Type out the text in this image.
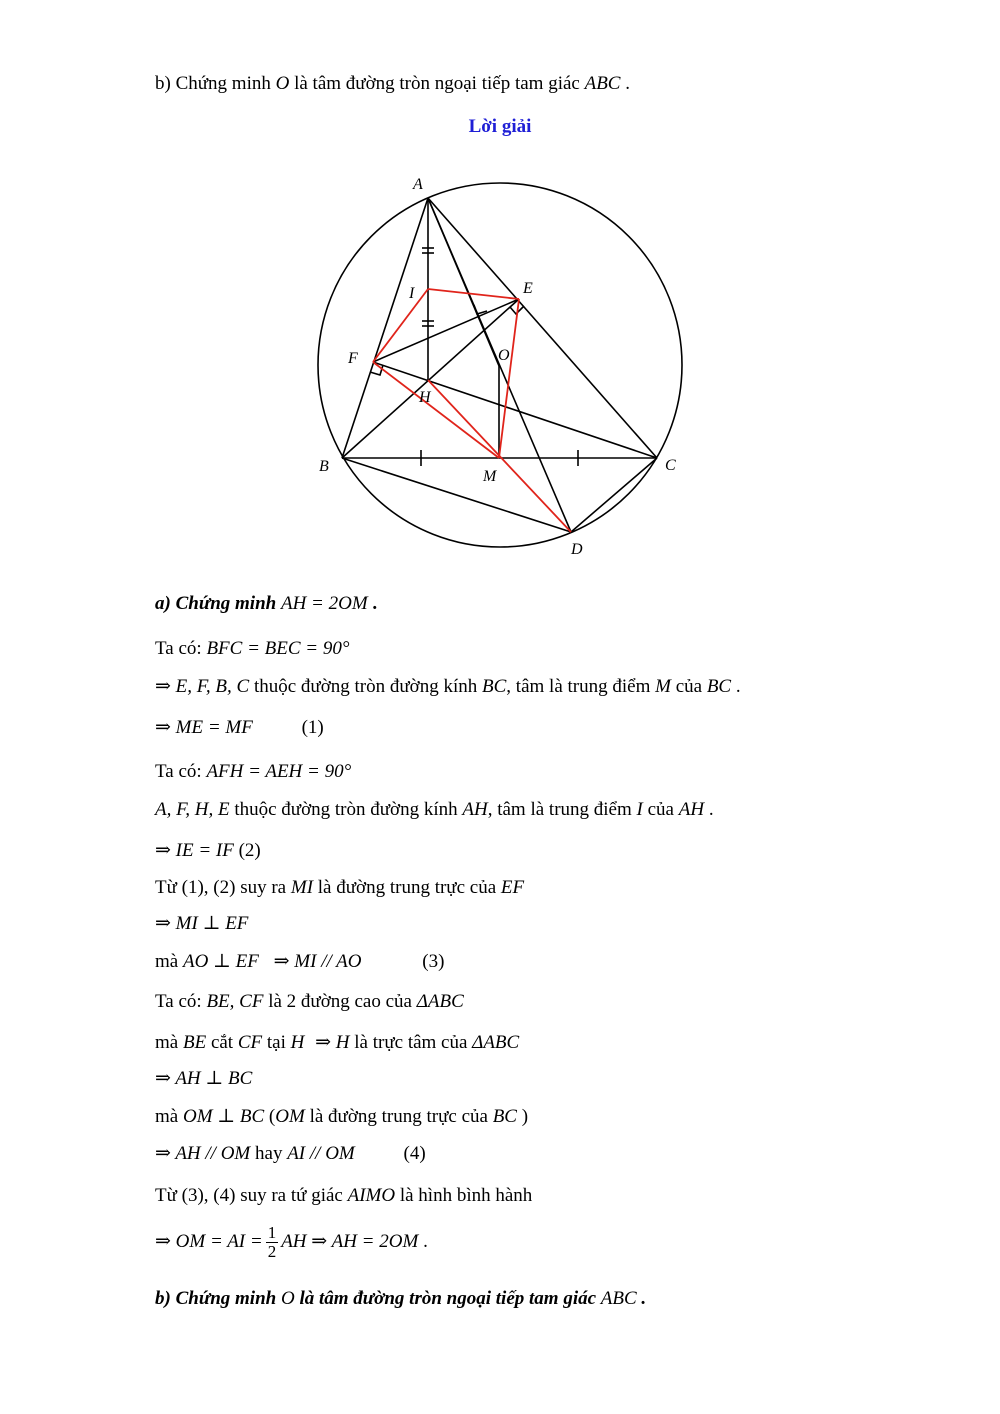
b) Chứng minh O là tâm đường tròn ngoại tiếp tam giác ABC .
Lời giải
A
B	C
D
E
F
H
I
M
O
a) Chứng minh AH = 2OM .
Ta có: BFC = BEC = 90°
⇒ E, F, B, C thuộc đường tròn đường kính BC, tâm là trung điểm M của BC .
⇒ ME = MF	(1)
Ta có: AFH = AEH = 90°
A, F, H, E thuộc đường tròn đường kính AH, tâm là trung điểm I của AH .
⇒ IE = IF (2)
Từ (1), (2) suy ra MI là đường trung trực của EF
⇒ MI ⊥ EF
mà AO ⊥ EF ⇒ MI // AO	(3)
Ta có: BE, CF là 2 đường cao của ΔABC
mà BE cắt CF tại H ⇒ H là trực tâm của ΔABC
⇒ AH ⊥ BC
mà OM ⊥ BC (OM là đường trung trực của BC )
⇒ AH // OM hay AI // OM	(4)
Từ (3), (4) suy ra tứ giác AIMO là hình bình hành
⇒ OM = AI = $\frac{1}{2}$ AH ⇒ AH = 2OM .
b) Chứng minh O là tâm đường tròn ngoại tiếp tam giác ABC .
